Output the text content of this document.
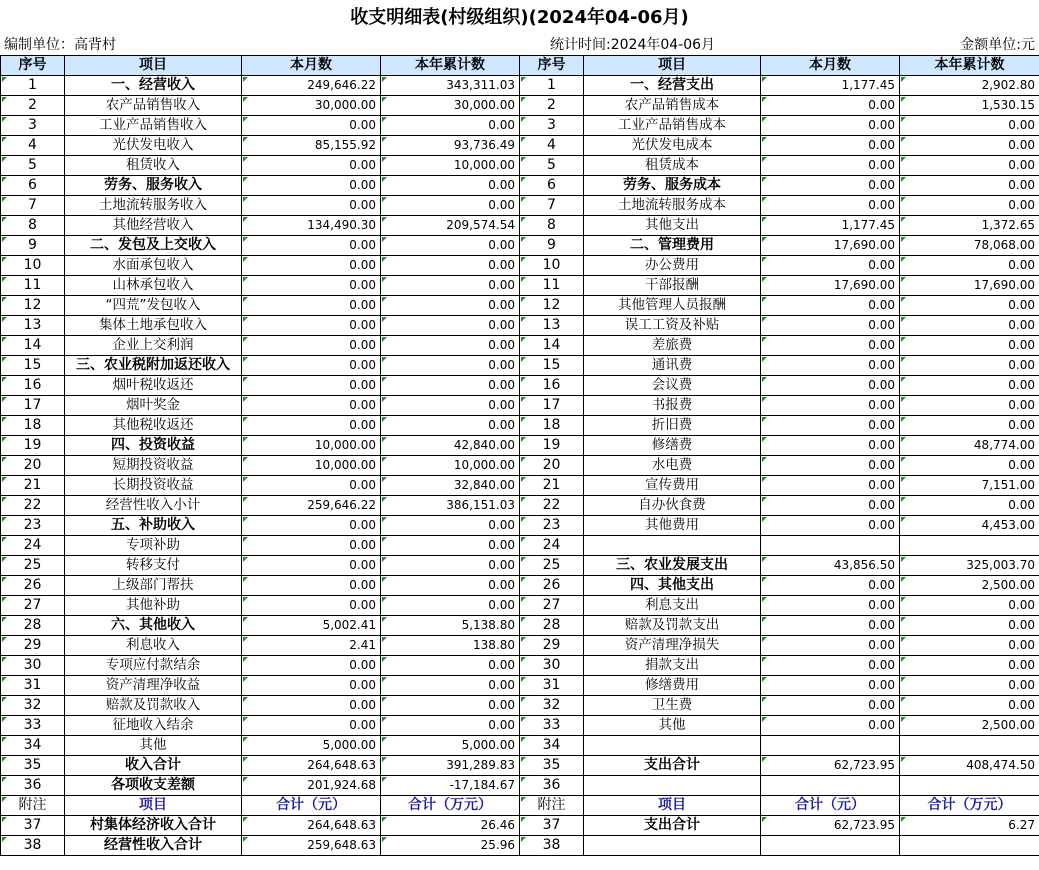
收支明细表(村级组织)(2024年04-06月)
编制单位：高背村	统计时间:2024年04-06月	金额单位:元
序号	项目	本月数	本年累计数	序号	项目	本月数	本年累计数
1	一、经营收入	249,646.22	343,311.03	1	一、经营支出	1,177.45	2,902.80
2	农产品销售收入	30,000.00	30,000.00	2	农产品销售成本	0.00	1,530.15
3	工业产品销售收入	0.00	0.00	3	工业产品销售成本	0.00	0.00
4	光伏发电收入	85,155.92	93,736.49	4	光伏发电成本	0.00	0.00
5	租赁收入	0.00	10,000.00	5	租赁成本	0.00	0.00
6	劳务、服务收入	0.00	0.00	6	劳务、服务成本	0.00	0.00
7	土地流转服务收入	0.00	0.00	7	土地流转服务成本	0.00	0.00
8	其他经营收入	134,490.30	209,574.54	8	其他支出	1,177.45	1,372.65
9	二、发包及上交收入	0.00	0.00	9	二、管理费用	17,690.00	78,068.00
10	水面承包收入	0.00	0.00	10	办公费用	0.00	0.00
11	山林承包收入	0.00	0.00	11	干部报酬	17,690.00	17,690.00
12	“四荒”发包收入	0.00	0.00	12	其他管理人员报酬	0.00	0.00
13	集体土地承包收入	0.00	0.00	13	误工工资及补贴	0.00	0.00
14	企业上交利润	0.00	0.00	14	差旅费	0.00	0.00
15	三、农业税附加返还收入	0.00	0.00	15	通讯费	0.00	0.00
16	烟叶税收返还	0.00	0.00	16	会议费	0.00	0.00
17	烟叶奖金	0.00	0.00	17	书报费	0.00	0.00
18	其他税收返还	0.00	0.00	18	折旧费	0.00	0.00
19	四、投资收益	10,000.00	42,840.00	19	修缮费	0.00	48,774.00
20	短期投资收益	10,000.00	10,000.00	20	水电费	0.00	0.00
21	长期投资收益	0.00	32,840.00	21	宣传费用	0.00	7,151.00
22	经营性收入小计	259,646.22	386,151.03	22	自办伙食费	0.00	0.00
23	五、补助收入	0.00	0.00	23	其他费用	0.00	4,453.00
24	专项补助	0.00	0.00	24			
25	转移支付	0.00	0.00	25	三、农业发展支出	43,856.50	325,003.70
26	上级部门帮扶	0.00	0.00	26	四、其他支出	0.00	2,500.00
27	其他补助	0.00	0.00	27	利息支出	0.00	0.00
28	六、其他收入	5,002.41	5,138.80	28	赔款及罚款支出	0.00	0.00
29	利息收入	2.41	138.80	29	资产清理净损失	0.00	0.00
30	专项应付款结余	0.00	0.00	30	捐款支出	0.00	0.00
31	资产清理净收益	0.00	0.00	31	修缮费用	0.00	0.00
32	赔款及罚款收入	0.00	0.00	32	卫生费	0.00	0.00
33	征地收入结余	0.00	0.00	33	其他	0.00	2,500.00
34	其他	5,000.00	5,000.00	34			
35	收入合计	264,648.63	391,289.83	35	支出合计	62,723.95	408,474.50
36	各项收支差额	201,924.68	-17,184.67	36			
附注	项目	合计（元）	合计（万元）	附注	项目	合计（元）	合计（万元）
37	村集体经济收入合计	264,648.63	26.46	37	支出合计	62,723.95	6.27
38	经营性收入合计	259,648.63	25.96	38			
